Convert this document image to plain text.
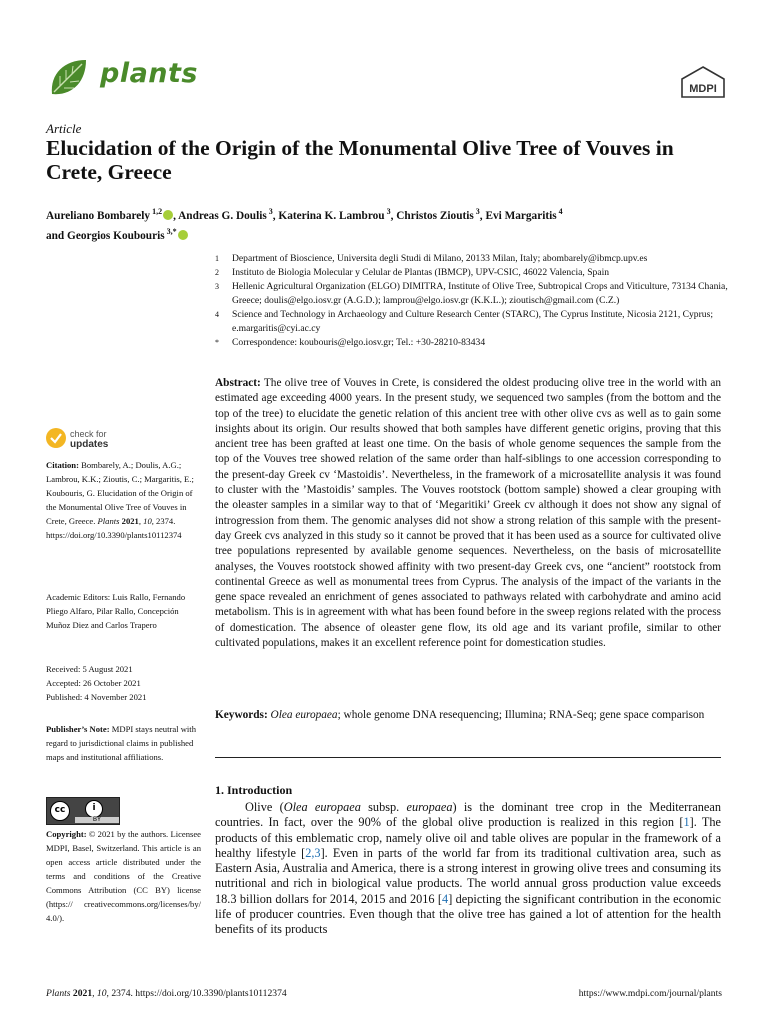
plants	MDPI
Article
Elucidation of the Origin of the Monumental Olive Tree of Vouves in Crete, Greece
Aureliano Bombarely $^{1,2}$ , Andreas G. Doulis $^3$, Katerina K. Lambrou $^3$, Christos Zioutis $^3$, Evi Margaritis $^4$
and Georgios Koubouris $^{3,*}$
1	Department of Bioscience, Universita degli Studi di Milano, 20133 Milan, Italy; abombarely@ibmcp.upv.es
2	Instituto de Biologia Molecular y Celular de Plantas (IBMCP), UPV-CSIC, 46022 Valencia, Spain
3	Hellenic Agricultural Organization (ELGO) DIMITRA, Institute of Olive Tree, Subtropical Crops and Viticulture, 73134 Chania, Greece; doulis@elgo.iosv.gr (A.G.D.); lamprou@elgo.iosv.gr (K.K.L.); zioutisch@gmail.com (C.Z.)
4	Science and Technology in Archaeology and Culture Research Center (STARC), The Cyprus Institute, Nicosia 2121, Cyprus; e.margaritis@cyi.ac.cy
*	Correspondence: koubouris@elgo.iosv.gr; Tel.: +30-28210-83434
check for
updates
Citation: Bombarely, A.; Doulis, A.G.; Lambrou, K.K.; Zioutis, C.; Margaritis, E.; Koubouris, G. Elucidation of the Origin of the Monumental Olive Tree of Vouves in Crete, Greece. Plants 2021, 10, 2374. https://doi.org/10.3390/plants10112374
Academic Editors: Luis Rallo, Fernando Pliego Alfaro, Pilar Rallo, Concepción Muñoz Diez and Carlos Trapero
Received: 5 August 2021
Accepted: 26 October 2021
Published: 4 November 2021
Publisher’s Note: MDPI stays neutral with regard to jurisdictional claims in published maps and institutional affiliations.
cc	i
BY
Copyright: © 2021 by the authors. Licensee MDPI, Basel, Switzerland. This article is an open access article distributed under the terms and conditions of the Creative Commons Attribution (CC BY) license (https:// creativecommons.org/licenses/by/ 4.0/).
Abstract: The olive tree of Vouves in Crete, is considered the oldest producing olive tree in the world with an estimated age exceeding 4000 years. In the present study, we sequenced two samples (from the bottom and the top of the tree) to elucidate the genetic relation of this ancient tree with other olive cvs as well as to gain some insights about its origin. Our results showed that both samples have different genetic origins, proving that this ancient tree has been grafted at least one time. On the basis of whole genome sequences the sample from the top of the Vouves tree showed relation of the same order than half-siblings to one accession corresponding to the present-day Greek cv ‘Mastoidis’. Nevertheless, in the framework of a microsatellite analysis it was found to cluster with the ’Mastoidis’ samples. The Vouves rootstock (bottom sample) showed a clear grouping with the oleaster samples in a similar way to that of ‘Megaritiki’ Greek cv although it does not show any signal of introgression from them. The genomic analyses did not show a strong relation of this sample with the present-day Greek cvs analyzed in this study so it cannot be proved that it has been used as a source for cultivated olive tree populations represented by available genome sequences. Nevertheless, on the basis of microsatellite analyses, the Vouves rootstock showed affinity with two present-day Greek cvs, one “ancient” rootstock from continental Greece as well as monumental trees from Cyprus. The analysis of the impact of the variants in the gene space revealed an enrichment of genes associated to pathways related with carbohydrate and amino acid metabolism. This is in agreement with what has been found before in the sweep regions related with the process of domestication. The absence of oleaster gene flow, its old age and its variant profile, similar to other cultivated populations, makes it an excellent reference point for domestication studies.
Keywords: Olea europaea; whole genome DNA resequencing; Illumina; RNA-Seq; gene space comparison
1. Introduction

Olive (Olea europaea subsp. europaea) is the dominant tree crop in the Mediterranean countries. In fact, over the 90% of the global olive production is realized in this region [1]. The products of this emblematic crop, namely olive oil and table olives are popular in the framework of a healthy lifestyle [2,3]. Even in parts of the world far from its traditional cultivation area, such as Eastern Asia, Australia and America, there is a strong interest in growing olive trees and consuming its nutritional and rich in biological value products. The world annual gross production value exceeds 18.3 billion dollars for 2014, 2015 and 2016 [4] depicting the significant contribution in the economic life of producer countries. Even though that the olive tree has gained a lot of attention for the health benefits of its products

Plants 2021, 10, 2374. https://doi.org/10.3390/plants10112374	https://www.mdpi.com/journal/plants
